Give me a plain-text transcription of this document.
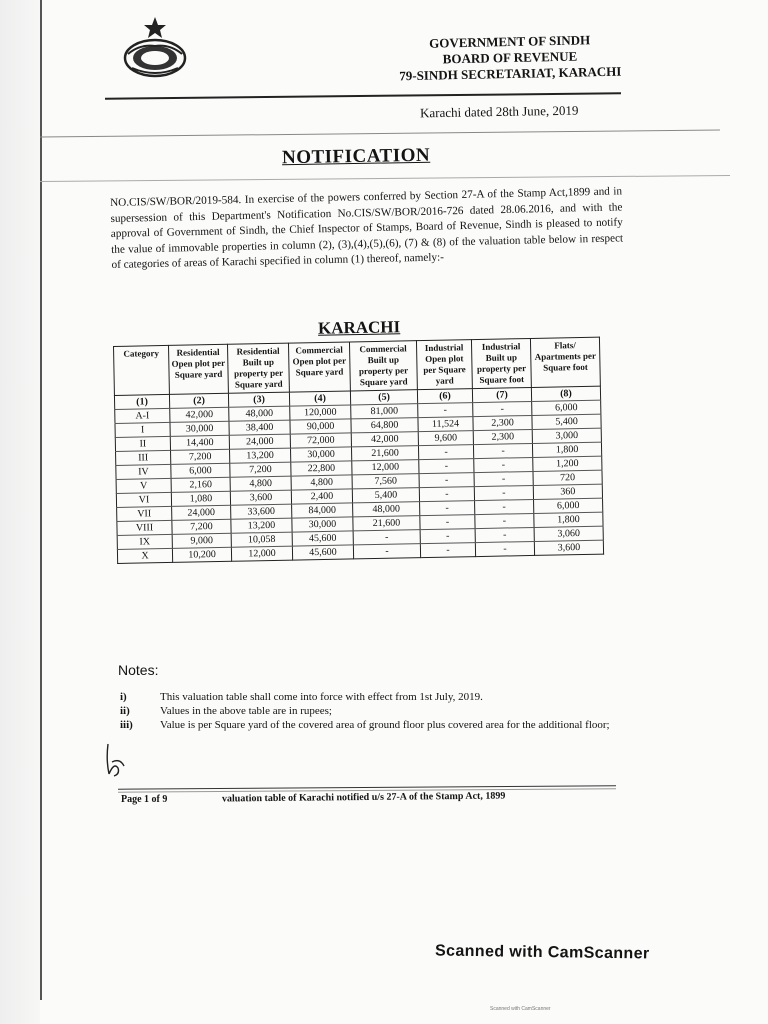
GOVERNMENT OF SINDH
BOARD OF REVENUE
79-SINDH SECRETARIAT, KARACHI
Karachi dated 28th June, 2019
NOTIFICATION
NO.CIS/SW/BOR/2019-584. In exercise of the powers conferred by Section 27-A of the Stamp Act,1899 and in supersession of this Department's Notification No.CIS/SW/BOR/2016-726 dated 28.06.2016, and with the approval of Government of Sindh, the Chief Inspector of Stamps, Board of Revenue, Sindh is pleased to notify the value of immovable properties in column (2), (3),(4),(5),(6), (7) & (8) of the valuation table below in respect of categories of areas of Karachi specified in column (1) thereof, namely:-
KARACHI
Category	Residential Open plot per Square yard	Residential Built up property per Square yard	Commercial Open plot per Square yard	Commercial Built up property per Square yard	Industrial Open plot per Square yard	Industrial Built up property per Square foot	Flats/ Apartments per Square foot
(1)	(2)	(3)	(4)	(5)	(6)	(7)	(8)
A-I	42,000	48,000	120,000	81,000	-	-	6,000
I	30,000	38,400	90,000	64,800	11,524	2,300	5,400
II	14,400	24,000	72,000	42,000	9,600	2,300	3,000
III	7,200	13,200	30,000	21,600	-	-	1,800
IV	6,000	7,200	22,800	12,000	-	-	1,200
V	2,160	4,800	4,800	7,560	-	-	720
VI	1,080	3,600	2,400	5,400	-	-	360
VII	24,000	33,600	84,000	48,000	-	-	6,000
VIII	7,200	13,200	30,000	21,600	-	-	1,800
IX	9,000	10,058	45,600	-	-	-	3,060
X	10,200	12,000	45,600	-	-	-	3,600
Notes:
i)	This valuation table shall come into force with effect from 1st July, 2019.
ii)	Values in the above table are in rupees;
iii) Value is per Square yard of the covered area of ground floor plus covered area for the additional floor;
Page 1 of 9	valuation table of Karachi notified u/s 27-A of the Stamp Act, 1899
Scanned with CamScanner
Scanned with CamScanner
